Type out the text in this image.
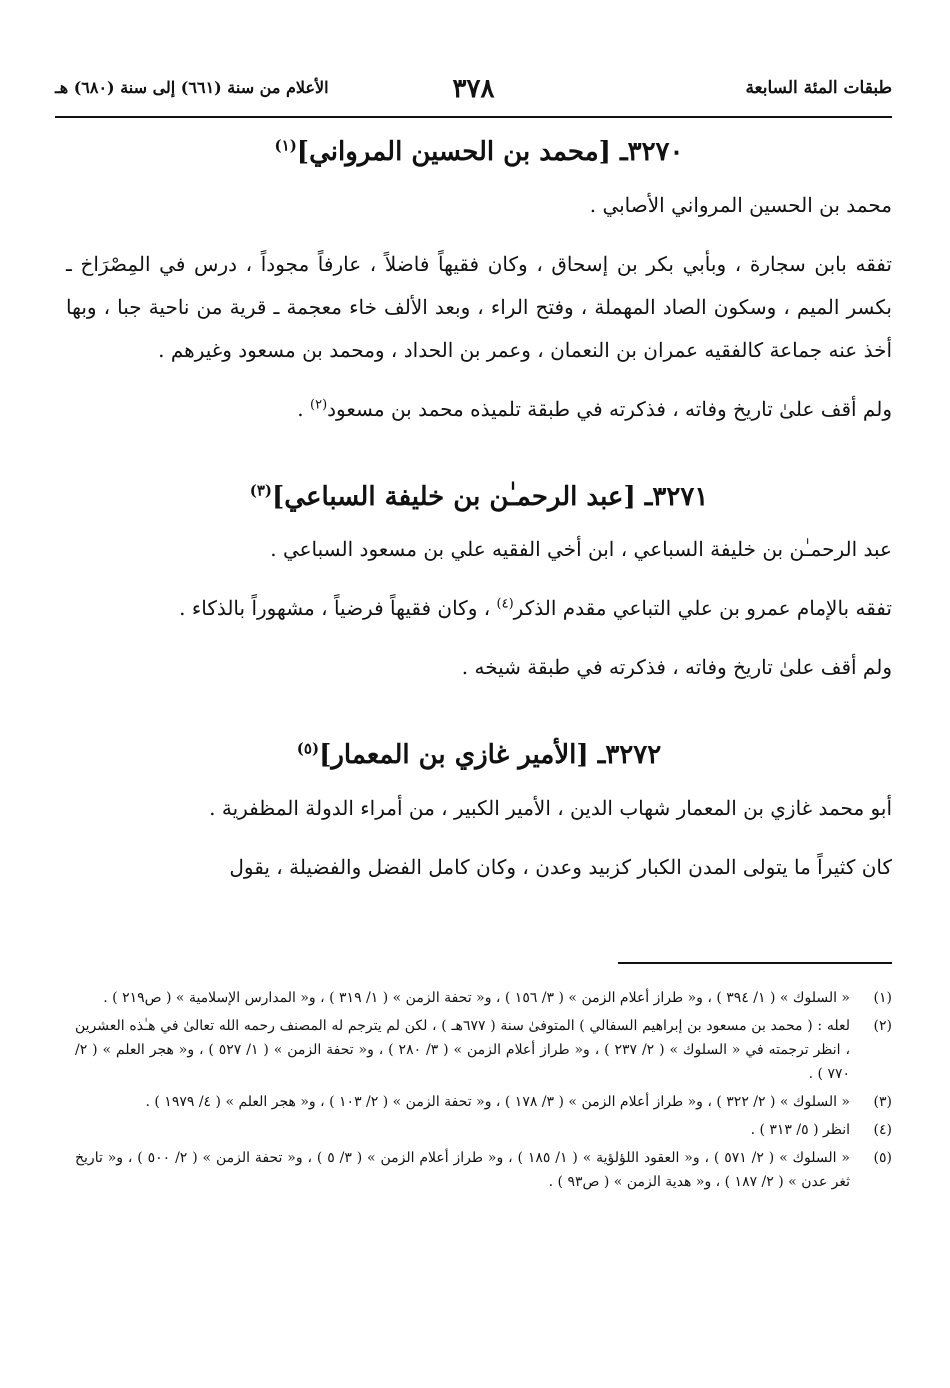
طبقات المئة السابعة
٣٧٨
الأعلام من سنة (٦٦١) إلى سنة (٦٨٠) هـ
٣٢٧٠ـ [محمد بن الحسين المرواني]$^{(١)}$

محمد بن الحسين المرواني الأصابي .

تفقه بابن سجارة ، وبأبي بكر بن إسحاق ، وكان فقيهاً فاضلاً ، عارفاً مجوداً ، درس في المِصْرَاخ ـ بكسر الميم ، وسكون الصاد المهملة ، وفتح الراء ، وبعد الألف خاء معجمة ـ قرية من ناحية جبا ، وبها أخذ عنه جماعة كالفقيه عمران بن النعمان ، وعمر بن الحداد ، ومحمد بن مسعود وغيرهم .

ولم أقف علىٰ تاريخ وفاته ، فذكرته في طبقة تلميذه محمد بن مسعود$^{(٢)}$ .

٣٢٧١ـ [عبد الرحمـٰن بن خليفة السباعي]$^{(٣)}$

عبد الرحمـٰن بن خليفة السباعي ، ابن أخي الفقيه علي بن مسعود السباعي .

تفقه بالإمام عمرو بن علي التباعي مقدم الذكر$^{(٤)}$ ، وكان فقيهاً فرضياً ، مشهوراً بالذكاء .

ولم أقف علىٰ تاريخ وفاته ، فذكرته في طبقة شيخه .

٣٢٧٢ـ [الأمير غازي بن المعمار]$^{(٥)}$

أبو محمد غازي بن المعمار شهاب الدين ، الأمير الكبير ، من أمراء الدولة المظفرية .

كان كثيراً ما يتولى المدن الكبار كزبيد وعدن ، وكان كامل الفضل والفضيلة ، يقول

(١)
« السلوك » ( ١/ ٣٩٤ ) ، و« طراز أعلام الزمن » ( ٣/ ١٥٦ ) ، و« تحفة الزمن » ( ١/ ٣١٩ ) ، و« المدارس الإسلامية » ( ص٢١٩ ) .
(٢)
لعله : ( محمد بن مسعود بن إبراهيم السفالي ) المتوفىٰ سنة ( ٦٧٧هـ ) ، لكن لم يترجم له المصنف رحمه الله تعالىٰ في هـٰذه العشرين ، انظر ترجمته في « السلوك » ( ٢/ ٢٣٧ ) ، و« طراز أعلام الزمن » ( ٣/ ٢٨٠ ) ، و« تحفة الزمن » ( ١/ ٥٢٧ ) ، و« هجر العلم » ( ٢/ ٧٧٠ ) .
(٣)
« السلوك » ( ٢/ ٣٢٢ ) ، و« طراز أعلام الزمن » ( ٣/ ١٧٨ ) ، و« تحفة الزمن » ( ٢/ ١٠٣ ) ، و« هجر العلم » ( ٤/ ١٩٧٩ ) .
(٤)
انظر ( ٥/ ٣١٣ ) .
(٥)
« السلوك » ( ٢/ ٥٧١ ) ، و« العقود اللؤلؤية » ( ١/ ١٨٥ ) ، و« طراز أعلام الزمن » ( ٣/ ٥ ) ، و« تحفة الزمن » ( ٢/ ٥٠٠ ) ، و« تاريخ ثغر عدن » ( ٢/ ١٨٧ ) ، و« هدية الزمن » ( ص٩٣ ) .
